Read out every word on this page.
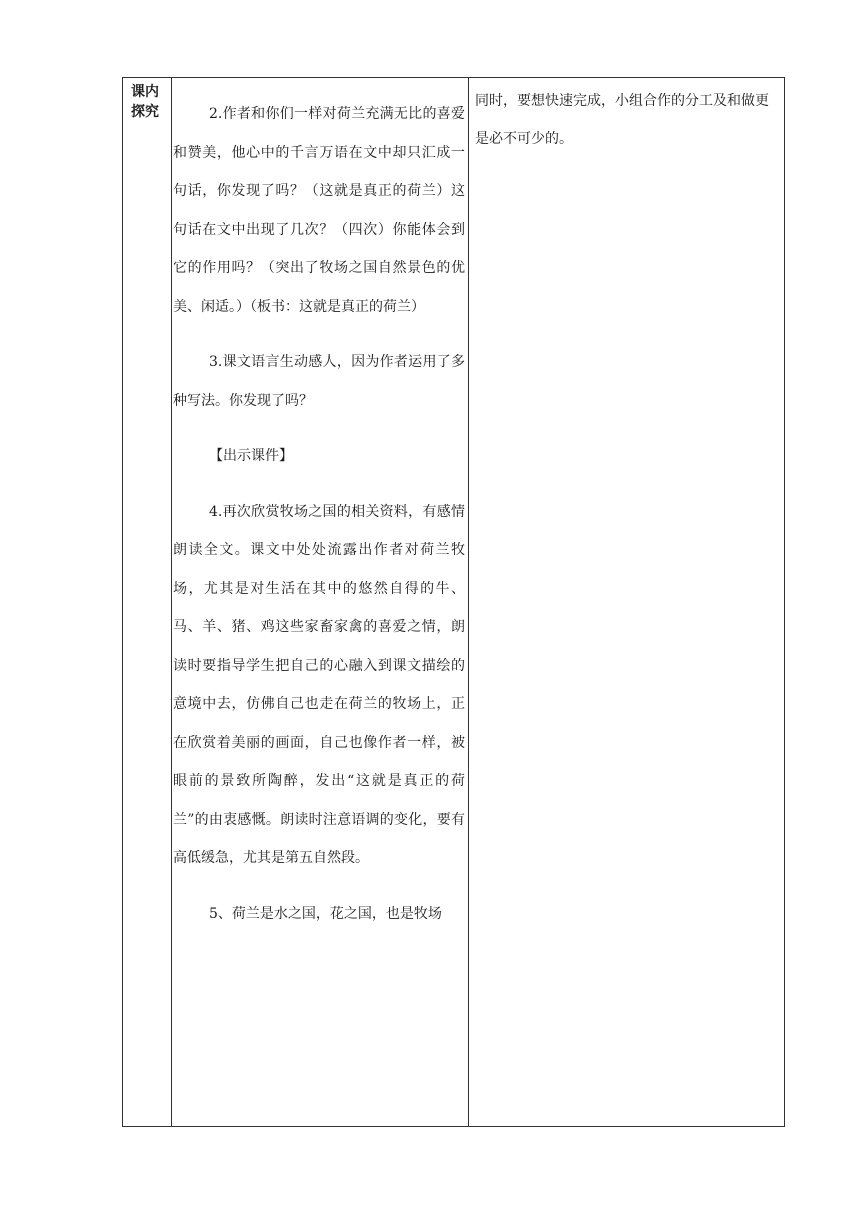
课内探究	2.作者和你们一样对荷兰充满无比的喜爱和赞美，他心中的千言万语在文中却只汇成一句话，你发现了吗？（这就是真正的荷兰）这句话在文中出现了几次？（四次）你能体会到它的作用吗？（突出了牧场之国自然景色的优美、闲适。）（板书：这就是真正的荷兰）

3.课文语言生动感人，因为作者运用了多种写法。你发现了吗？

【出示课件】

4.再次欣赏牧场之国的相关资料，有感情朗读全文。课文中处处流露出作者对荷兰牧场，尤其是对生活在其中的悠然自得的牛、马、羊、猪、鸡这些家畜家禽的喜爱之情，朗读时要指导学生把自己的心融入到课文描绘的意境中去，仿佛自己也走在荷兰的牧场上，正在欣赏着美丽的画面，自己也像作者一样，被眼前的景致所陶醉，发出“这就是真正的荷兰”的由衷感慨。朗读时注意语调的变化，要有高低缓急，尤其是第五自然段。

5、荷兰是水之国，花之国，也是牧场

同时，要想快速完成，小组合作的分工及和做更是必不可少的。
